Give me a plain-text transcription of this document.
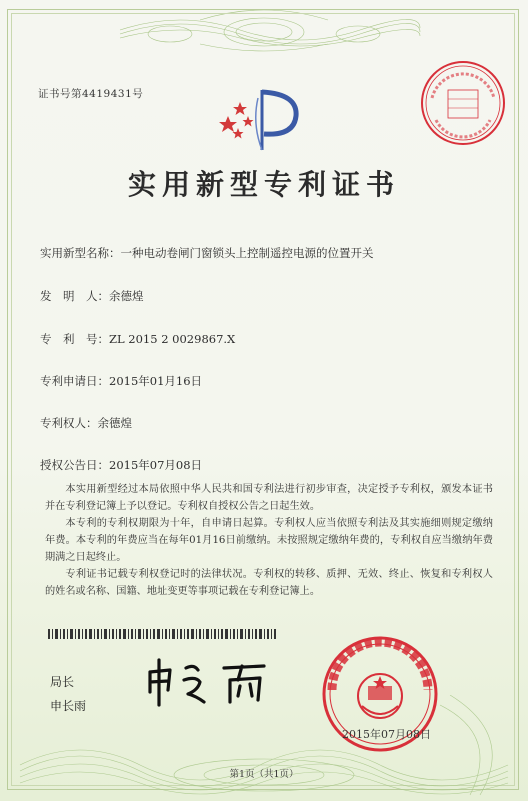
证书号第4419431号
实用新型专利证书
实用新型名称：一种电动卷闸门窗锁头上控制遥控电源的位置开关
发　明　人：余德煌
专　利　号：ZL 2015 2 0029867.X
专利申请日：2015年01月16日
专利权人：余德煌
授权公告日：2015年07月08日

本实用新型经过本局依照中华人民共和国专利法进行初步审查，决定授予专利权，颁发本证书并在专利登记簿上予以登记。专利权自授权公告之日起生效。

本专利的专利权期限为十年，自申请日起算。专利权人应当依照专利法及其实施细则规定缴纳年费。本专利的年费应当在每年01月16日前缴纳。未按照规定缴纳年费的，专利权自应当缴纳年费期满之日起终止。

专利证书记载专利权登记时的法律状况。专利权的转移、质押、无效、终止、恢复和专利权人的姓名或名称、国籍、地址变更等事项记载在专利登记簿上。

局长
申长雨
2015年07月08日
第1页（共1页）
